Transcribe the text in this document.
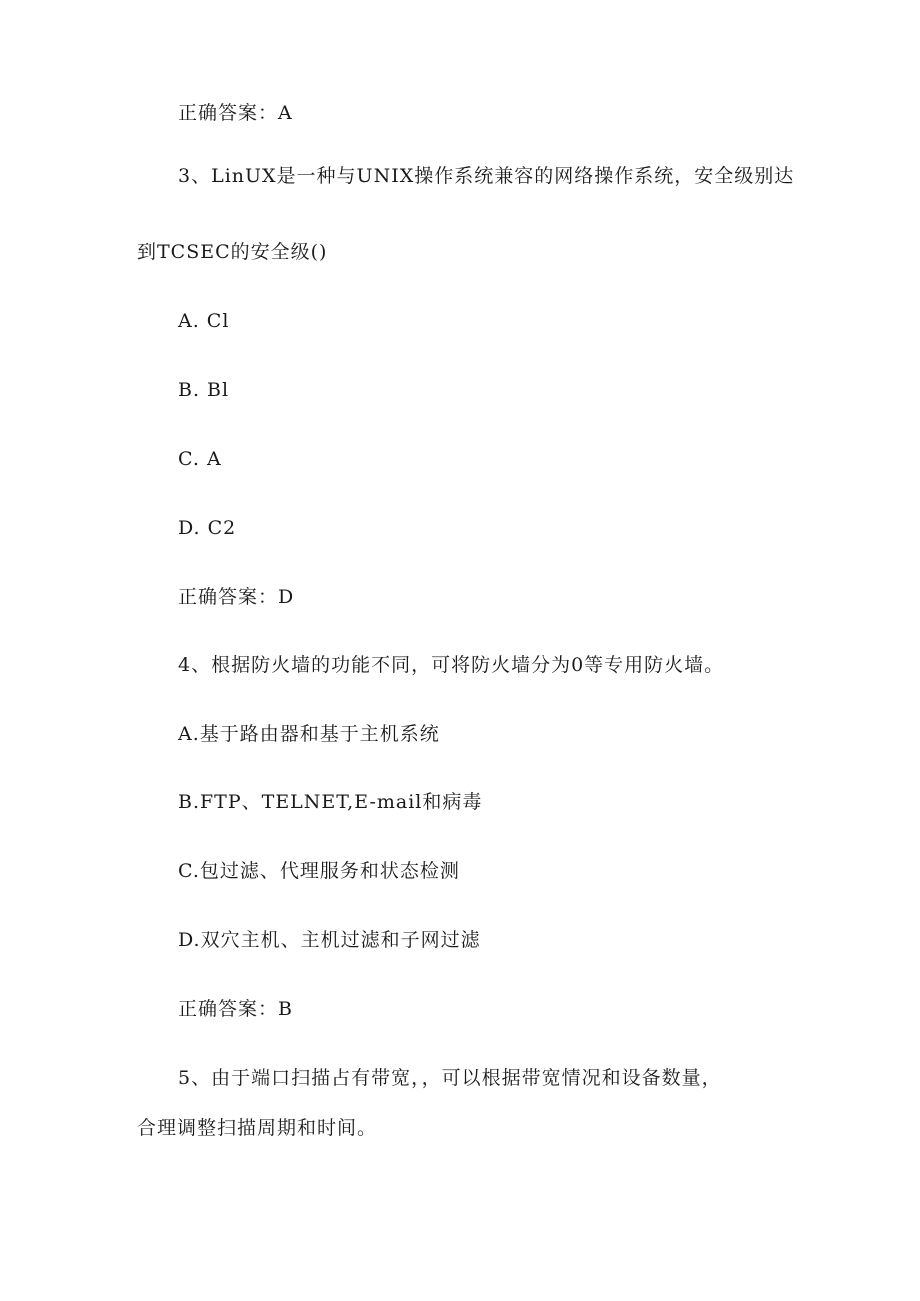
正确答案：A
3、LinUX是一种与UNIX操作系统兼容的网络操作系统，安全级别达
到TCSEC的安全级()
A. Cl
B. Bl
C. A
D. C2
正确答案：D
4、根据防火墙的功能不同，可将防火墙分为0等专用防火墙。
A.基于路由器和基于主机系统
B.FTP、TELNET,E-mail和病毒
C.包过滤、代理服务和状态检测
D.双穴主机、主机过滤和子网过滤
正确答案：B
5、由于端口扫描占有带宽，，可以根据带宽情况和设备数量，
合理调整扫描周期和时间。
